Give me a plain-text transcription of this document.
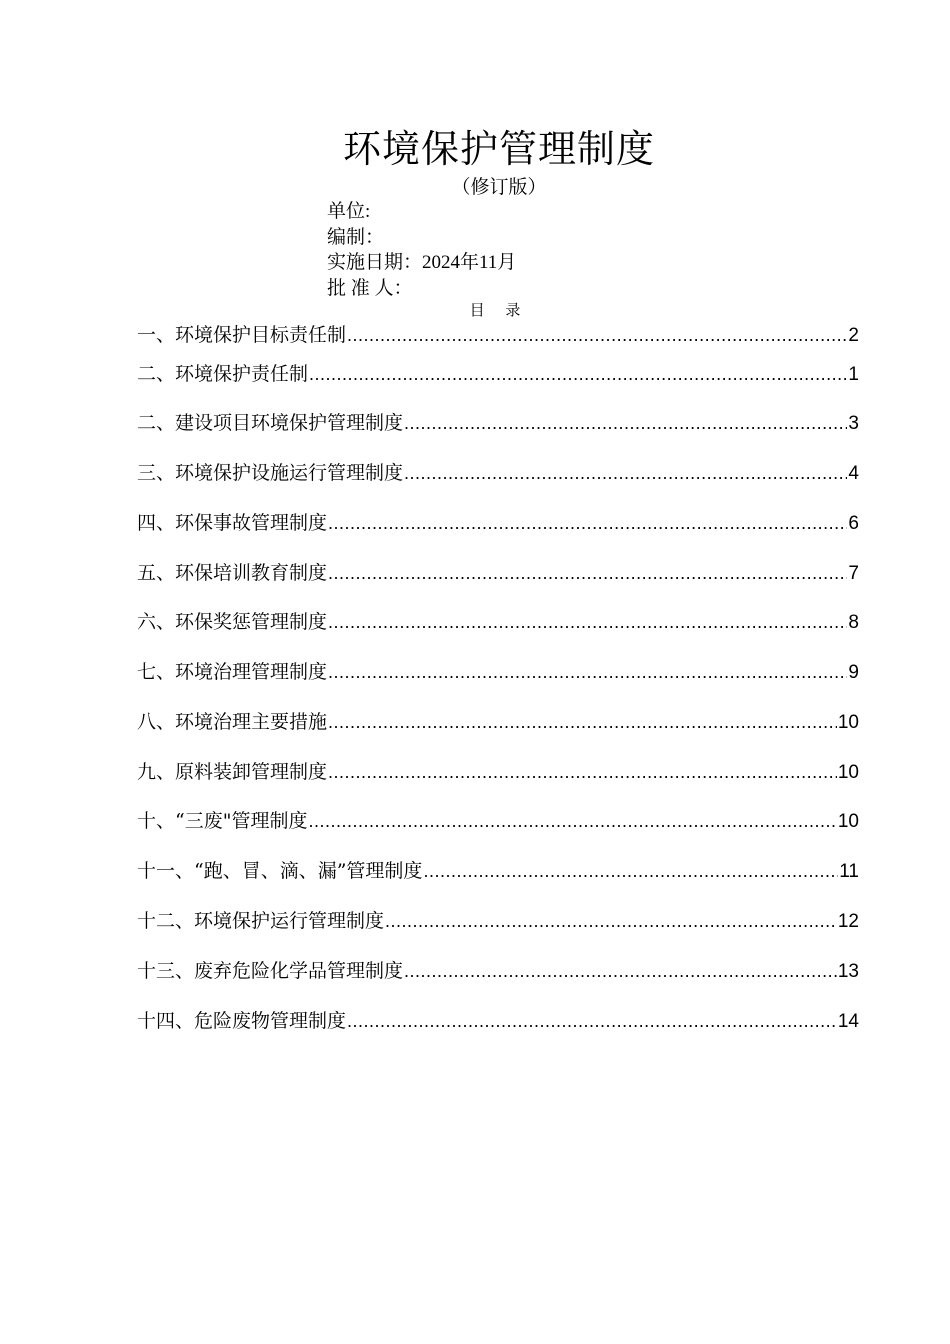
环境保护管理制度
（修订版）
单位:
编制：
实施日期：2024年11月
批 准 人：
目 录
一、环境保护目标责任制 .....	2
二、环境保护责任制 .....	1
二、建设项目环境保护管理制度 .....	3
三、环境保护设施运行管理制度 .....	4
四、环保事故管理制度 .....	6
五、环保培训教育制度 .....	7
六、环保奖惩管理制度 .....	8
七、环境治理管理制度 .....	9
八、环境治理主要措施 .....	10
九、原料装卸管理制度 .....	10
十、“三废"管理制度 .....	10
十一、“跑、冒、滴、漏”管理制度 .....	11
十二、环境保护运行管理制度 .....	12
十三、废弃危险化学品管理制度 .....	13
十四、危险废物管理制度 .....	14
